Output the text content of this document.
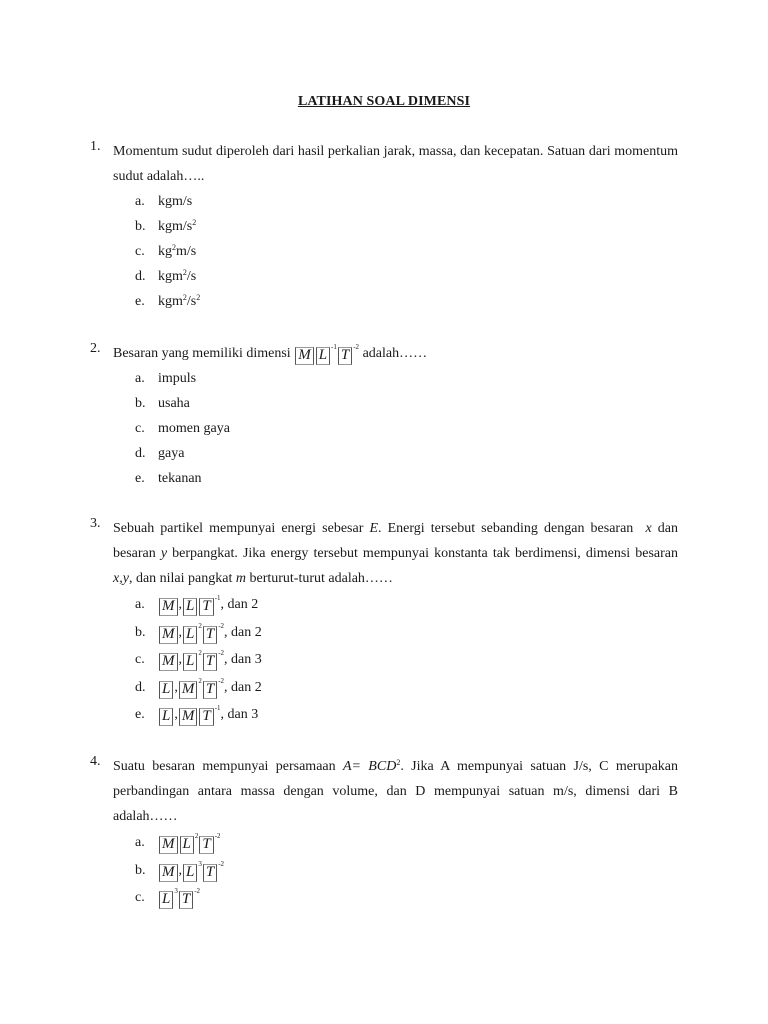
LATIHAN SOAL DIMENSI
1. Momentum sudut diperoleh dari hasil perkalian jarak, massa, dan kecepatan. Satuan dari momentum sudut adalah…..
a. kgm/s
b. kgm/$s^2$
c. $kg^2m/s$
d. kgm$^2$/s
e. $kgm^2/s^2$
2. Besaran yang memiliki dimensi M L $^{-1}$ T $^{-2}$ adalah……
a. impuls
b. usaha
c. momen gaya
d. gaya
e. tekanan
3. Sebuah partikel mempunyai energi sebesar E. Energi tersebut sebanding dengan besaran x dan besaran y berpangkat. Jika energy tersebut mempunyai konstanta tak berdimensi, dimensi besaran x,y, dan nilai pangkat m berturut-turut adalah……
a. M , L T $^{-1}$, dan 2
b. M , L $^2$ T $^{-2}$, dan 2
c. M , L $^2$ T $^{-2}$, dan 3
d. L , M $^2$ T $^{-2}$, dan 2
e. L , M T $^{-1}$, dan 3
4. Suatu besaran mempunyai persamaan $A= BCD^2$. Jika A mempunyai satuan J/s, C merupakan perbandingan antara massa dengan volume, dan D mempunyai satuan m/s, dimensi dari B adalah……
a. M L $^2$ T $^{-2}$
b. M , L $^3$ T $^{-2}$
c. L $^3$ T $^{-2}$
